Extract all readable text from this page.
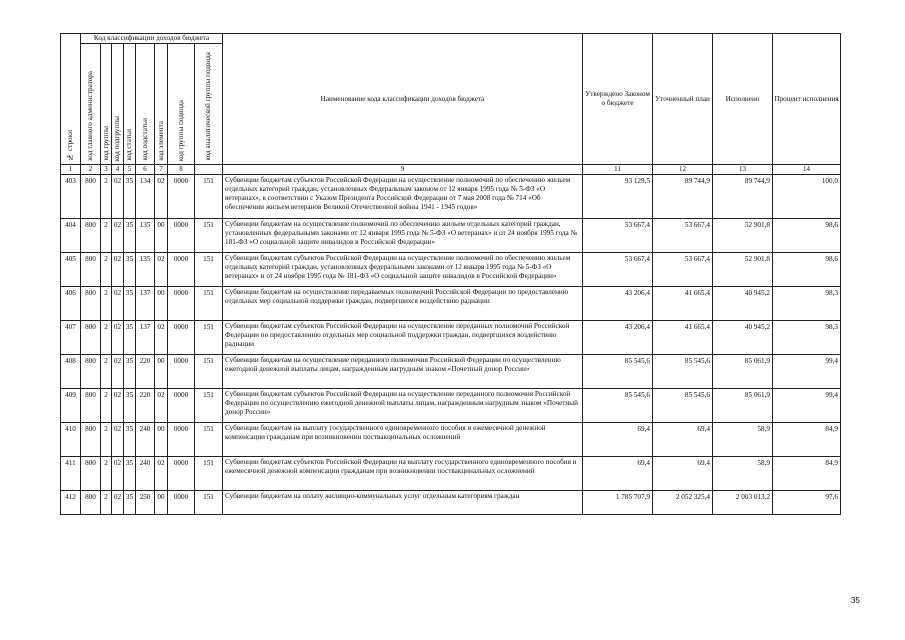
№ строки	Код классификации доходов бюджета								Наименование кода классификации доходов бюджета	Утверждено Законом о бюджете	Уточненный план	Исполнено	Процент исполнения
	код главного администратора	код группы	код подгруппы	код статьи	код подстатьи	код элемента	код группы подвида	код аналитической группы подвида					
1	2	3	4	5	6	7	8		9	11	12	13	14
403	800	2	02	35	134	02	0000	151	Субвенции бюджетам субъектов Российской Федерации на осуществление полномочий по обеспечению жильем отдельных категорий граждан, установленных Федеральным законом от 12 января 1995 года № 5-ФЗ «О ветеранах», в соответствии с Указом Президента Российской Федерации от 7 мая 2008 года № 714 «Об обеспечении жильем ветеранов Великой Отечественной войны 1941 - 1945 годов»	93 129,5	89 744,9	89 744,9	100,0
404	800	2	02	35	135	00	0000	151	Субвенции бюджетам на осуществление полномочий по обеспечению жильем отдельных категорий граждан, установленных федеральными законами от 12 января 1995 года № 5-ФЗ «О ветеранах» и от 24 ноября 1995 года № 181-ФЗ «О социальной защите инвалидов в Российской Федерации»	53 667,4	53 667,4	52 901,8	98,6
405	800	2	02	35	135	02	0000	151	Субвенции бюджетам субъектов Российской Федерации на осуществление полномочий по обеспечению жильем отдельных категорий граждан, установленных федеральными законами от 12 января 1995 года № 5-ФЗ «О ветеранах» и от 24 ноября 1995 года № 181-ФЗ «О социальной защите инвалидов в Российской Федерации»	53 667,4	53 667,4	52 901,8	98,6
406	800	2	02	35	137	00	0000	151	Субвенции бюджетам на осуществление передаваемых полномочий Российской Федерации по предоставлению отдельных мер социальной поддержки граждан, подвергшихся воздействию радиации	43 206,4	41 665,4	40 945,2	98,3
407	800	2	02	35	137	02	0000	151	Субвенции бюджетам субъектов Российской Федерации на осуществление переданных полномочий Российской Федерации по предоставлению отдельных мер социальной поддержки граждан, подвергшихся воздействию радиации	43 206,4	41 665,4	40 945,2	98,3
408	800	2	02	35	220	00	0000	151	Субвенции бюджетам на осуществление переданного полномочия Российской Федерации по осуществлению ежегодной денежной выплаты лицам, награжденным нагрудным знаком «Почетный донор России»	85 545,6	85 545,6	85 061,9	99,4
409	800	2	02	35	220	02	0000	151	Субвенции бюджетам субъектов Российской Федерации на осуществление переданного полномочия Российской Федерации по осуществлению ежегодной денежной выплаты лицам, награжденным нагрудным знаком «Почетный донор России»	85 545,6	85 545,6	85 061,9	99,4
410	800	2	02	35	240	00	0000	151	Субвенции бюджетам на выплату государственного единовременного пособия и ежемесячной денежной компенсации гражданам при возникновении поствакцинальных осложнений	69,4	69,4	58,9	84,9
411	800	2	02	35	240	02	0000	151	Субвенции бюджетам субъектов Российской Федерации на выплату государственного единовременного пособия и ежемесячной денежной компенсации гражданам при возникновении поствакцинальных осложнений	69,4	69,4	58,9	84,9
412	800	2	02	35	250	00	0000	151	Субвенции бюджетам на оплату жилищно-коммунальных услуг отдельным категориям граждан	1 785 707,9	2 052 325,4	2 003 013,2	97,6
35
